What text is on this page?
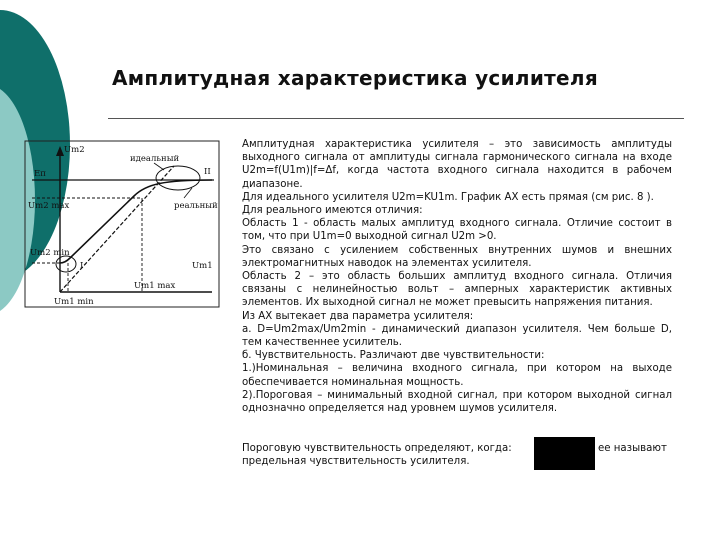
Амплитудная характеристика усилителя
Um2
Eп
идеальный
II
Um2 max	реальный
Um2 min
I	Um1
Um1 min
Um1 max

Амплитудная характеристика усилителя – это зависимость амплитуды выходного сигнала от амплитуды сигнала гармонического сигнала на входе U2m=f(U1m)|f=Δf, когда частота входного сигнала находится в рабочем диапазоне.

Для идеального усилителя U2m=KU1m. График АХ есть прямая (см рис. 8 ).

Для реального имеются отличия:

Область 1 - область малых амплитуд входного сигнала. Отличие состоит в том, что при U1m=0 выходной сигнал U2m >0.

Это связано с усилением собственных внутренних шумов и внешних электромагнитных наводок на элементах усилителя.

Область 2 – это область больших амплитуд входного сигнала. Отличия связаны с нелинейностью вольт – амперных характеристик активных элементов. Их выходной сигнал не может превысить напряжения питания.

Из АХ вытекает два параметра усилителя:

а. D=Um2max/Um2min - динамический диапазон усилителя. Чем больше D, тем качественнее усилитель.

б. Чувствительность. Различают две чувствительности:

1.)Номинальная – величина входного сигнала, при котором на выходе обеспечивается номинальная мощность.

2).Пороговая – минимальный входной сигнал, при котором выходной сигнал однозначно определяется над уровнем шумов усилителя.

Пороговую чувствительность определяют, когда:	ее называют
предельная чувствительность усилителя.
